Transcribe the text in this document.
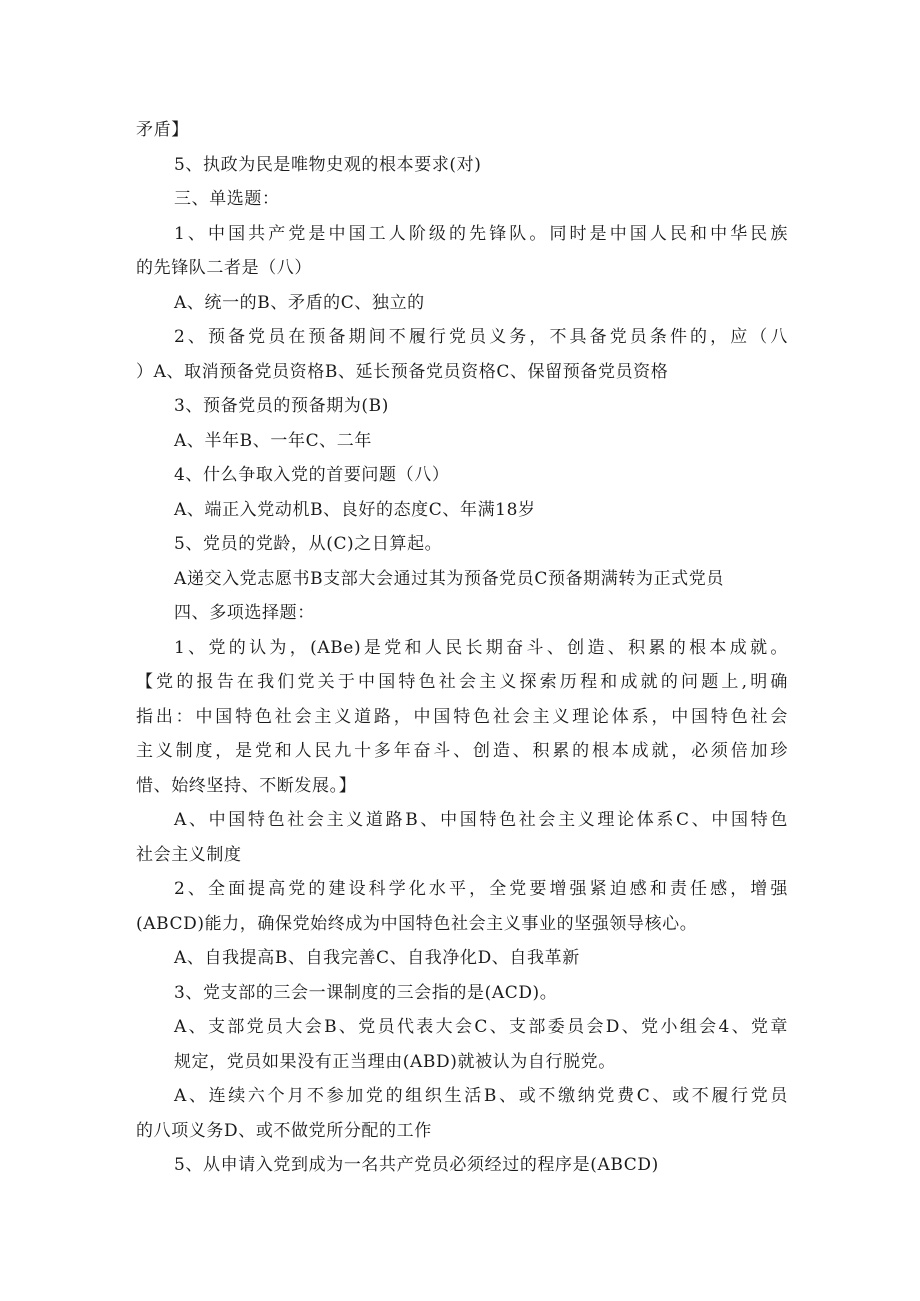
矛盾】
5、执政为民是唯物史观的根本要求(对)
三、单选题：
1、中国共产党是中国工人阶级的先锋队。同时是中国人民和中华民族
的先锋队二者是（八）
A、统一的B、矛盾的C、独立的
2、预备党员在预备期间不履行党员义务，不具备党员条件的，应（八
）A、取消预备党员资格B、延长预备党员资格C、保留预备党员资格
3、预备党员的预备期为(B)
A、半年B、一年C、二年
4、什么争取入党的首要问题（八）
A、端正入党动机B、良好的态度C、年满18岁
5、党员的党龄，从(C)之日算起。
A递交入党志愿书B支部大会通过其为预备党员C预备期满转为正式党员
四、多项选择题：
1、党的认为，(ABe)是党和人民长期奋斗、创造、积累的根本成就。
【党的报告在我们党关于中国特色社会主义探索历程和成就的问题上,明确
指出：中国特色社会主义道路，中国特色社会主义理论体系，中国特色社会
主义制度，是党和人民九十多年奋斗、创造、积累的根本成就，必须倍加珍
惜、始终坚持、不断发展。】
A、中国特色社会主义道路B、中国特色社会主义理论体系C、中国特色
社会主义制度
2、全面提高党的建设科学化水平，全党要增强紧迫感和责任感，增强
(ABCD)能力，确保党始终成为中国特色社会主义事业的坚强领导核心。
A、自我提高B、自我完善C、自我净化D、自我革新
3、党支部的三会一课制度的三会指的是(ACD)。
A、支部党员大会B、党员代表大会C、支部委员会D、党小组会4、党章
规定，党员如果没有正当理由(ABD)就被认为自行脱党。
A、连续六个月不参加党的组织生活B、或不缴纳党费C、或不履行党员
的八项义务D、或不做党所分配的工作
5、从申请入党到成为一名共产党员必须经过的程序是(ABCD)
